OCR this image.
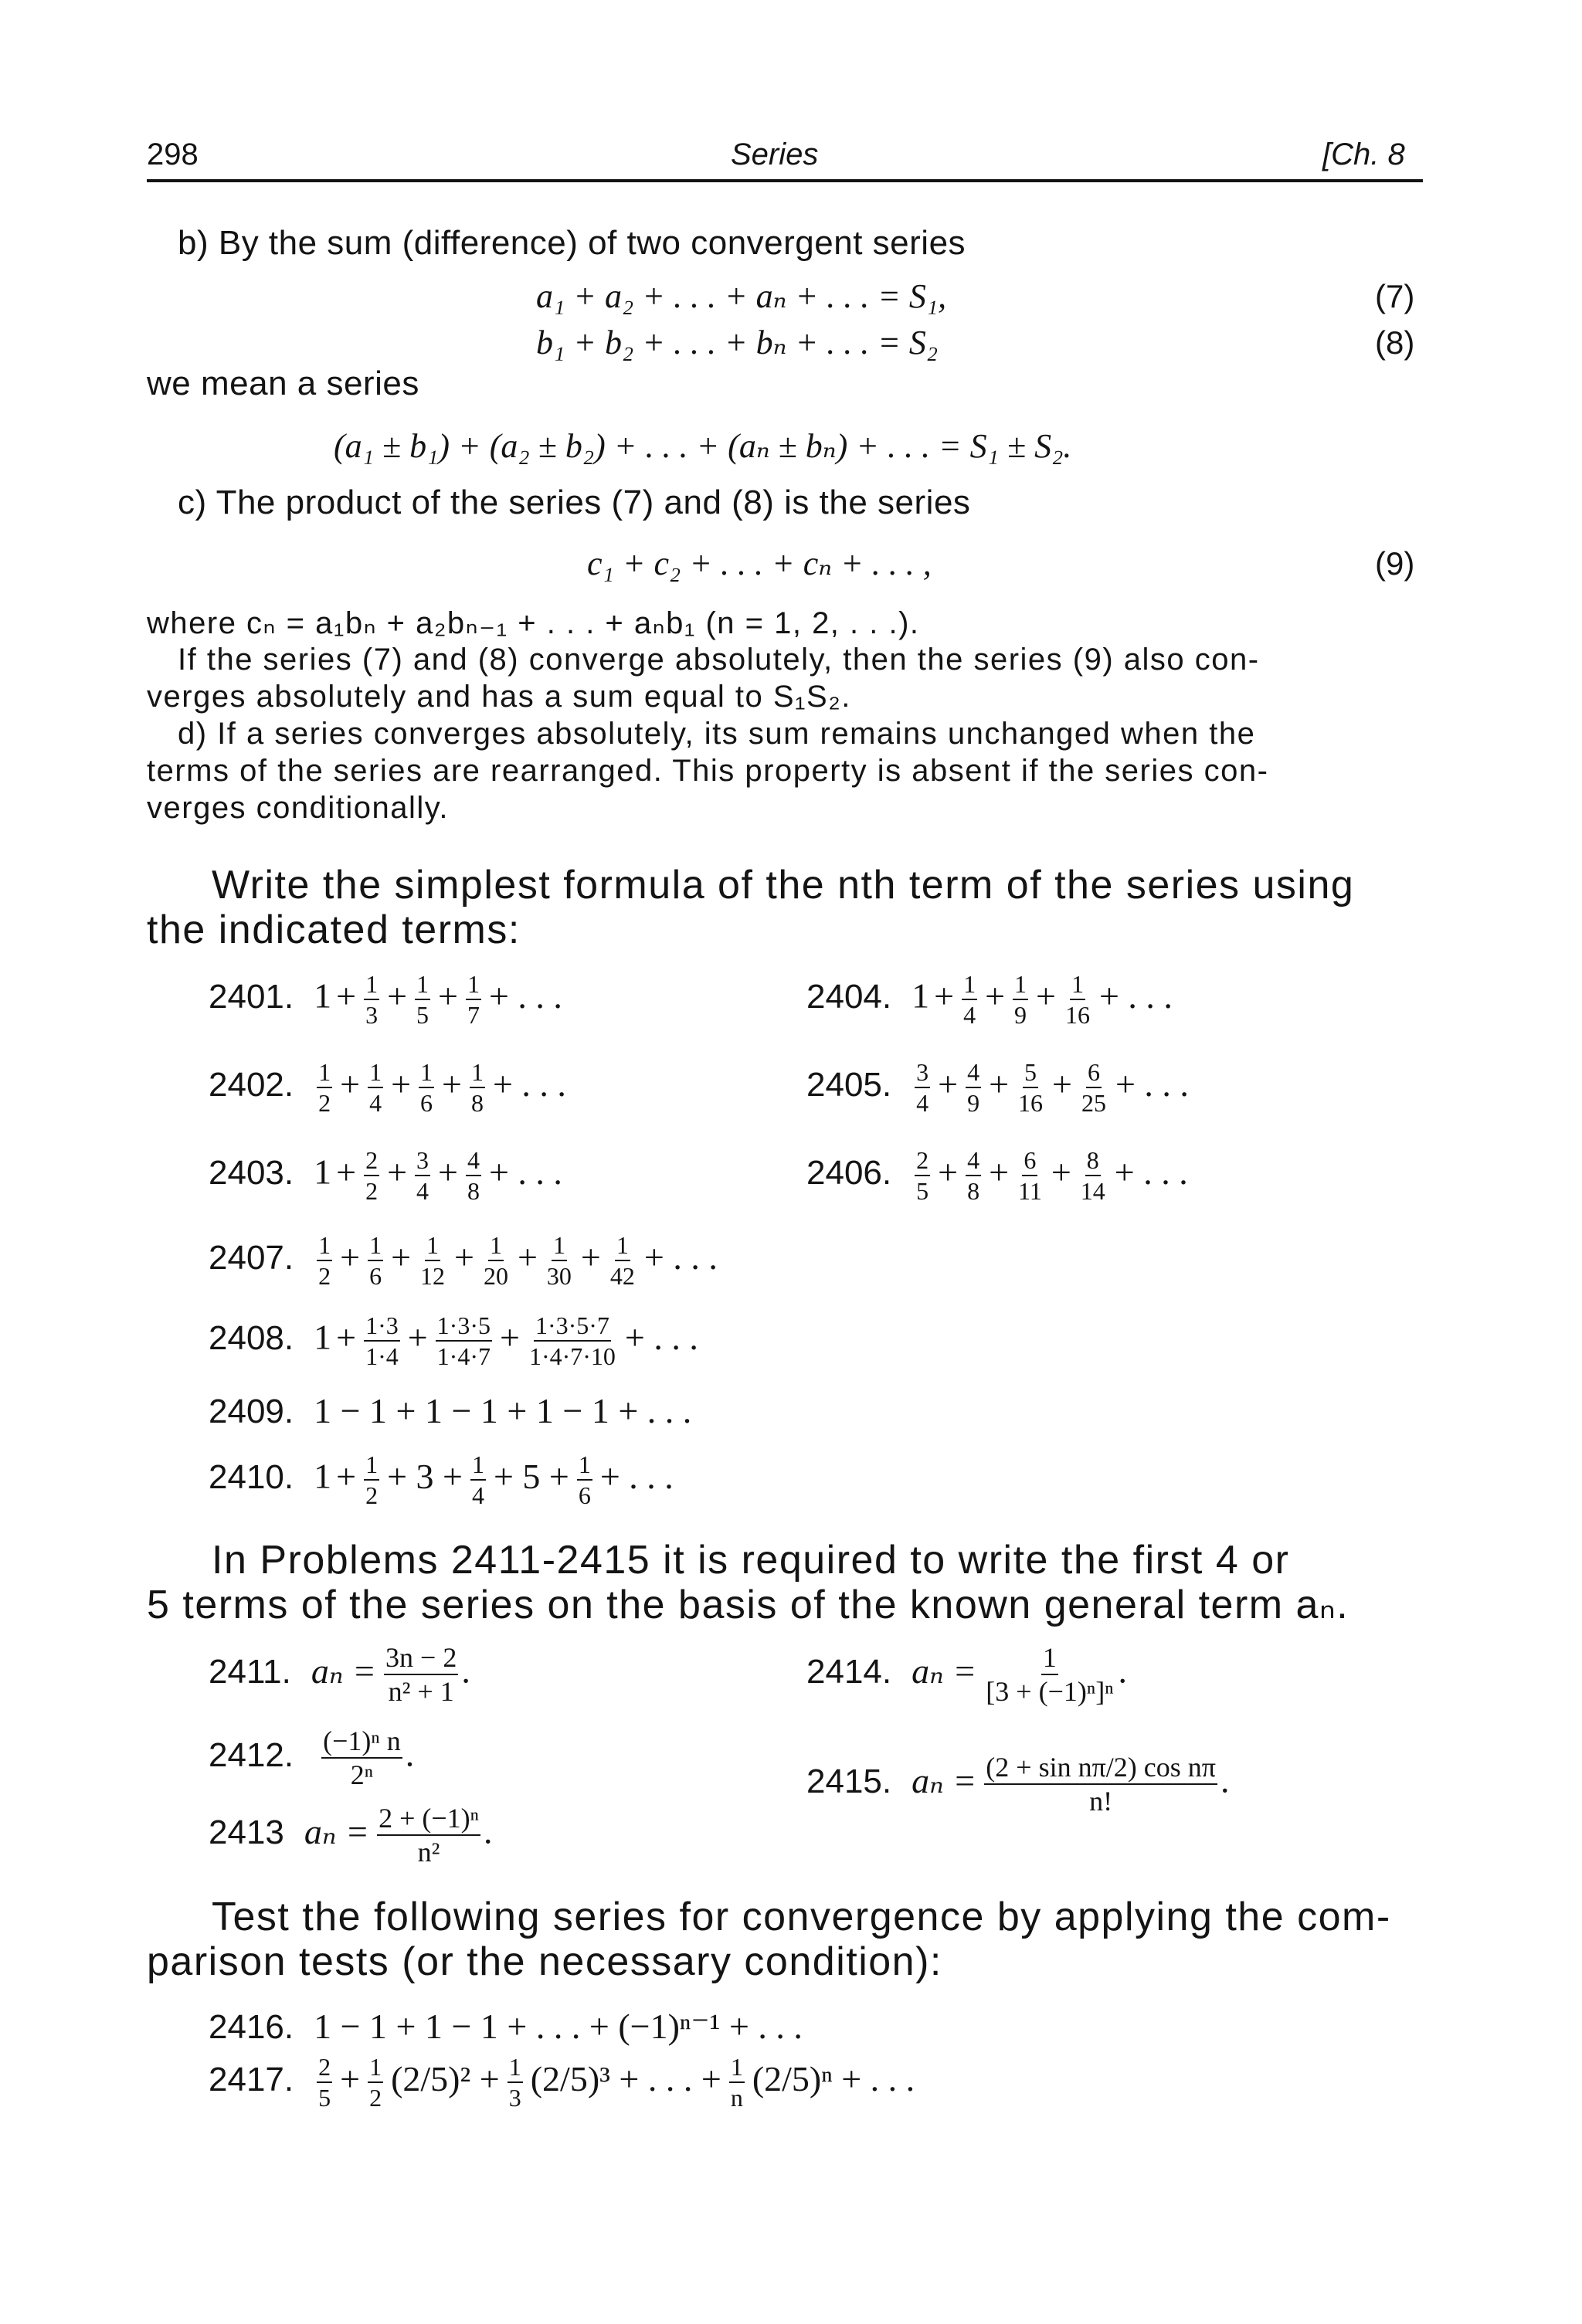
298	Series	[Ch. 8
b) By the sum (difference) of two convergent series
a₁ + a₂ + . . . + aₙ + . . . = S₁,	(7)
b₁ + b₂ + . . . + bₙ + . . . = S₂	(8)
we mean a series
(a₁ ± b₁) + (a₂ ± b₂) + . . . + (aₙ ± bₙ) + . . . = S₁ ± S₂.
c) The product of the series (7) and (8) is the series
c₁ + c₂ + . . . + cₙ + . . . ,	(9)
where cₙ = a₁bₙ + a₂bₙ₋₁ + . . . + aₙb₁ (n = 1, 2, . . .).
If the series (7) and (8) converge absolutely, then the series (9) also con-
verges absolutely and has a sum equal to S₁S₂.
d) If a series converges absolutely, its sum remains unchanged when the
terms of the series are rearranged. This property is absent if the series con-
verges conditionally.
Write the simplest formula of the nth term of the series using
the indicated terms:
2401. $1 + \frac{1}{3} + \frac{1}{5} + \frac{1}{7}$ + . . .
2402. $\frac{1}{2} + \frac{1}{4} + \frac{1}{6} + \frac{1}{8}$ + . . .
2403. $1 + \frac{2}{2} + \frac{3}{4} + \frac{4}{8}$ + . . .
2404. $1 + \frac{1}{4} + \frac{1}{9} + \frac{1}{16}$ + . . .
2405. $\frac{3}{4} + \frac{4}{9} + \frac{5}{16} + \frac{6}{25}$ + . . .
2406. $\frac{2}{5} + \frac{4}{8} + \frac{6}{11} + \frac{8}{14}$ + . . .
2407. $\frac{1}{2} + \frac{1}{6} + \frac{1}{12} + \frac{1}{20} + \frac{1}{30} + \frac{1}{42}$ + . . .
2408. $1 + \frac{1\cdot 3}{1\cdot 4} + \frac{1\cdot 3\cdot 5}{1\cdot 4\cdot 7} + \frac{1\cdot 3\cdot 5\cdot 7}{1\cdot 4\cdot 7\cdot 10}$ + . . .
2409. 1 − 1 + 1 − 1 + 1 − 1 + . . .
2410. $1 + \frac{1}{2} + 3 + \frac{1}{4} + 5 + \frac{1}{6}$ + . . .
In Problems 2411-2415 it is required to write the first 4 or
5 terms of the series on the basis of the known general term aₙ.
2411. $a_n = \frac{3n - 2}{\text{n² + 1}}$ .
2412. $\frac{\text{(−1)ⁿ n}}{\text{2ⁿ}}$ .
2413 $a_n = \frac{\text{2 + (−1)ⁿ}}{\text{n²}}$ .
2414. $a_n = \frac{1}{\text{[3 + (−1)ⁿ]ⁿ}}$ .
2415. $a_n = \frac{\text{(2 + sin nπ/2) cos nπ}}{n!}$ .
Test the following series for convergence by applying the com-
parison tests (or the necessary condition):
2416. 1 − 1 + 1 − 1 + . . . + (−1)ⁿ⁻¹ + . . .
2417. $\frac{2}{5} + \frac{1}{2} (2/5)^2 + \frac{1}{3} (2/5)^3$ + . . . + $\frac{1}{n} (2/5)^n$ + . . .
